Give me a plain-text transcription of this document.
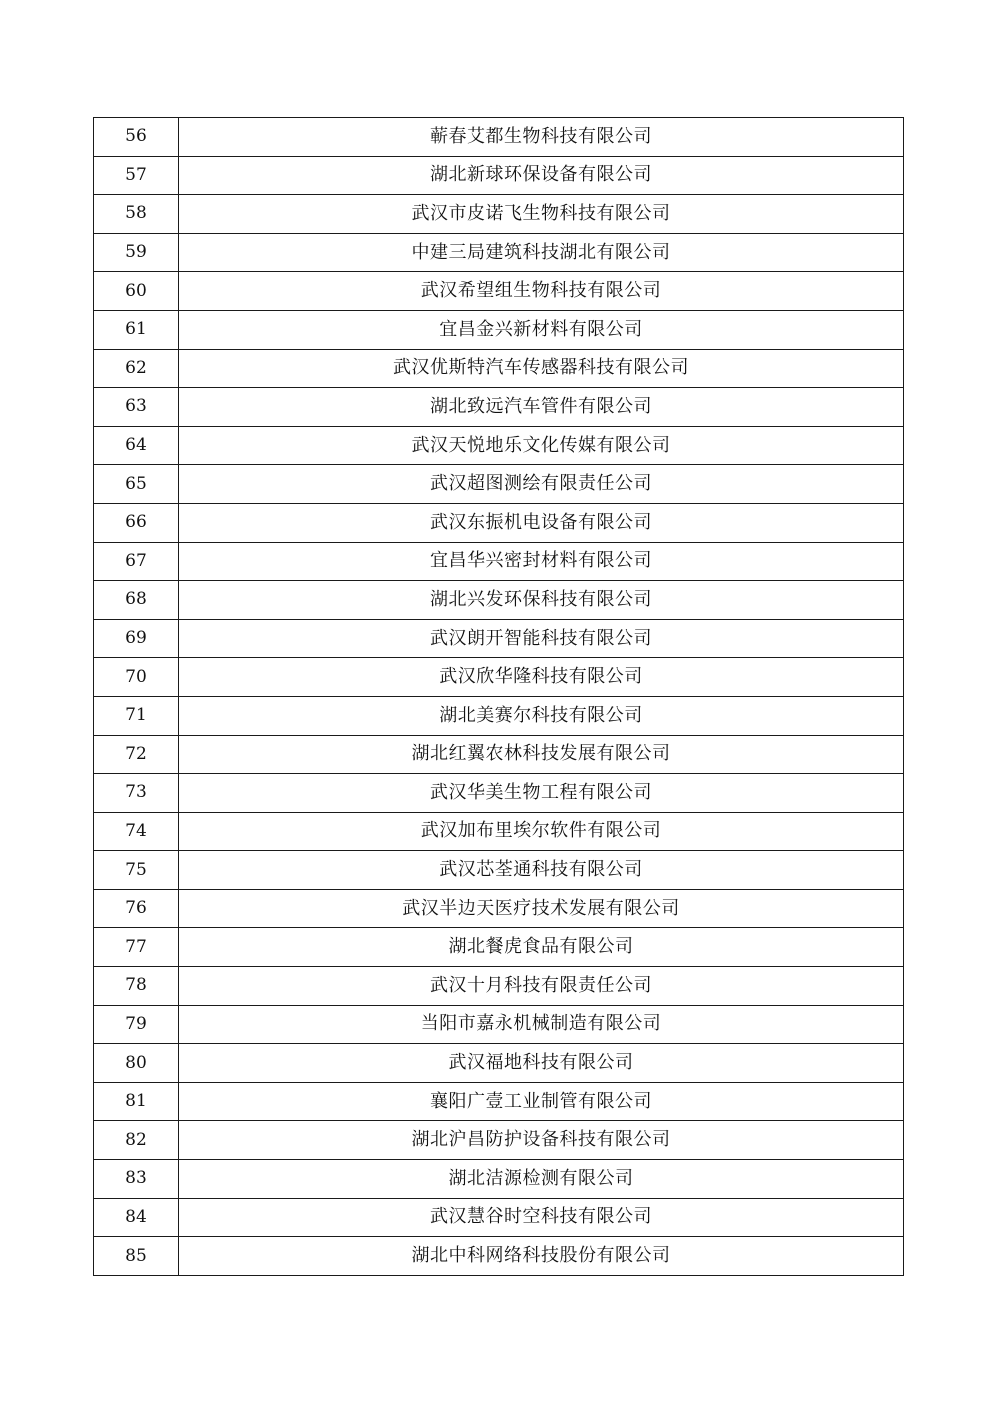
56	蕲春艾都生物科技有限公司
57	湖北新球环保设备有限公司
58	武汉市皮诺飞生物科技有限公司
59	中建三局建筑科技湖北有限公司
60	武汉希望组生物科技有限公司
61	宜昌金兴新材料有限公司
62	武汉优斯特汽车传感器科技有限公司
63	湖北致远汽车管件有限公司
64	武汉天悦地乐文化传媒有限公司
65	武汉超图测绘有限责任公司
66	武汉东振机电设备有限公司
67	宜昌华兴密封材料有限公司
68	湖北兴发环保科技有限公司
69	武汉朗开智能科技有限公司
70	武汉欣华隆科技有限公司
71	湖北美赛尔科技有限公司
72	湖北红翼农林科技发展有限公司
73	武汉华美生物工程有限公司
74	武汉加布里埃尔软件有限公司
75	武汉芯荃通科技有限公司
76	武汉半边天医疗技术发展有限公司
77	湖北餐虎食品有限公司
78	武汉十月科技有限责任公司
79	当阳市嘉永机械制造有限公司
80	武汉福地科技有限公司
81	襄阳广壹工业制管有限公司
82	湖北沪昌防护设备科技有限公司
83	湖北洁源检测有限公司
84	武汉慧谷时空科技有限公司
85	湖北中科网络科技股份有限公司
